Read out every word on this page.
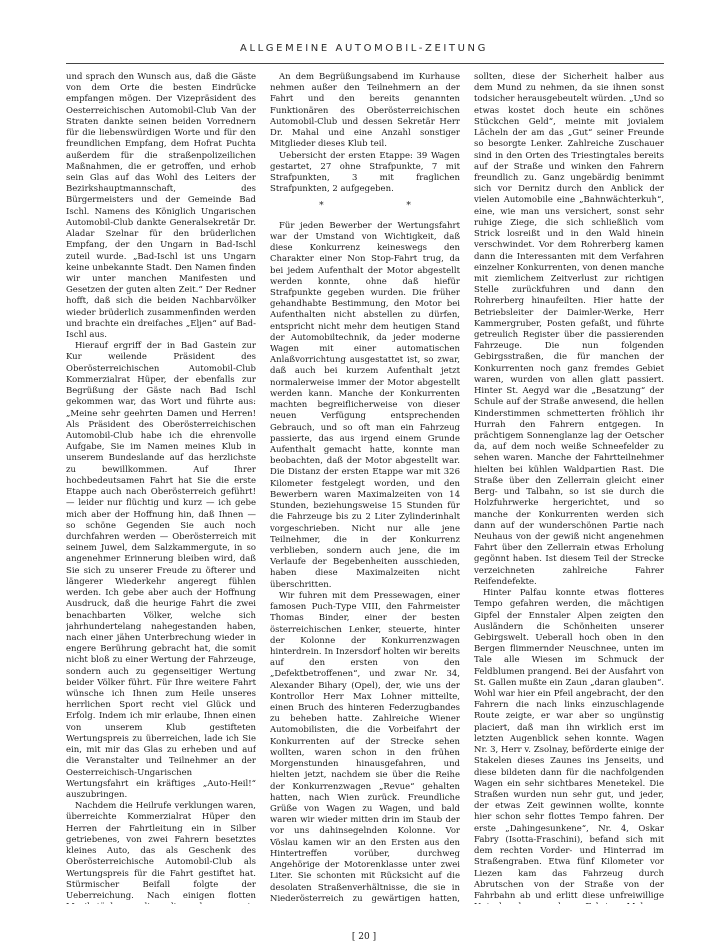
ALLGEMEINE AUTOMOBIL-ZEITUNG

und sprach den Wunsch aus, daß die Gäste von dem Orte die besten Eindrücke empfangen mögen. Der Vizepräsident des Oesterreichischen Automobil-Club Van der Straten dankte seinen beiden Vorrednern für die liebenswürdigen Worte und für den freundlichen Empfang, dem Hofrat Puchta außerdem für die straßenpolizeilichen Maßnahmen, die er getroffen, und erhob sein Glas auf das Wohl des Leiters der Bezirkshauptmannschaft, des Bürgermeisters und der Gemeinde Bad Ischl. Namens des Königlich Ungarischen Automobil-Club dankte Generalsekretär Dr. Aladar Szelnar für den brüderlichen Empfang, der den Ungarn in Bad-Ischl zuteil wurde. „Bad-Ischl ist uns Ungarn keine unbekannte Stadt. Den Namen finden wir unter manchen Manifesten und Gesetzen der guten alten Zeit.“ Der Redner hofft, daß sich die beiden Nachbarvölker wieder brüderlich zusammenfinden werden und brachte ein dreifaches „Eljen“ auf Bad-Ischl aus.

Hierauf ergriff der in Bad Gastein zur Kur weilende Präsident des Oberösterreichischen Automobil-Club Kommerzialrat Hüper, der ebenfalls zur Begrüßung der Gäste nach Bad Ischl gekommen war, das Wort und führte aus: „Meine sehr geehrten Damen und Herren! Als Präsident des Oberösterreichischen Automobil-Club habe ich die ehrenvolle Aufgabe, Sie im Namen meines Klub in unserem Bundeslande auf das herzlichste zu bewillkommen. Auf Ihrer hochbedeutsamen Fahrt hat Sie die erste Etappe auch nach Oberösterreich geführt! — leider nur flüchtig und kurz — ich gebe mich aber der Hoffnung hin, daß Ihnen — so schöne Gegenden Sie auch noch durchfahren werden — Oberösterreich mit seinem Juwel, dem Salzkammergute, in so angenehmer Erinnerung bleiben wird, daß Sie sich zu unserer Freude zu öfterer und längerer Wiederkehr angeregt fühlen werden. Ich gebe aber auch der Hoffnung Ausdruck, daß die heurige Fahrt die zwei benachbarten Völker, welche sich jahrhundertelang nahegestanden haben, nach einer jähen Unterbrechung wieder in engere Berührung gebracht hat, die somit nicht bloß zu einer Wertung der Fahrzeuge, sondern auch zu gegenseitiger Wertung beider Völker führt. Für Ihre weitere Fahrt wünsche ich Ihnen zum Heile unseres herrlichen Sport recht viel Glück und Erfolg. Indem ich mir erlaube, Ihnen einen von unserem Klub gestifteten Wertungspreis zu überreichen, lade ich Sie ein, mit mir das Glas zu erheben und auf die Veranstalter und Teilnehmer an der Oesterreichisch-Ungarischen Wertungsfahrt ein kräftiges „Auto-Heil!“ auszubringen.

Nachdem die Heilrufe verklungen waren, überreichte Kommerzialrat Hüper den Herren der Fahrtleitung ein in Silber getriebenes, von zwei Fahrern besetztes kleines Auto, das als Geschenk des Oberösterreichische Automobil-Club als Wertungspreis für die Fahrt gestiftet hat. Stürmischer Beifall folgte der Ueberreichung. Nach einigen flotten

An dem Begrüßungsabend im Kurhause nehmen außer den Teilnehmern an der Fahrt und den bereits genannten Funktionären des Oberösterreichischen Automobil-Club und dessen Sekretär Herr Dr. Mahal und eine Anzahl sonstiger Mitglieder dieses Klub teil.

Uebersicht der ersten Etappe: 39 Wagen gestartet, 27 ohne Strafpunkte, 7 mit Strafpunkten, 3 mit fraglichen Strafpunkten, 2 aufgegeben.

* *

Für jeden Bewerber der Wertungsfahrt war der Umstand von Wichtigkeit, daß diese Konkurrenz keineswegs den Charakter einer Non Stop-Fahrt trug, da bei jedem Aufenthalt der Motor abgestellt werden konnte, ohne daß hiefür Strafpunkte gegeben wurden. Die früher gehandhabte Bestimmung, den Motor bei Aufenthalten nicht abstellen zu dürfen, entspricht nicht mehr dem heutigen Stand der Automobiltechnik, da jeder moderne Wagen mit einer automatischen Anlaßvorrichtung ausgestattet ist, so zwar, daß auch bei kurzem Aufenthalt jetzt normalerweise immer der Motor abgestellt werden kann. Manche der Konkurrenten machten begreiflicherweise von dieser neuen Verfügung entsprechenden Gebrauch, und so oft man ein Fahrzeug passierte, das aus irgend einem Grunde Aufenthalt gemacht hatte, konnte man beobachten, daß der Motor abgestellt war. Die Distanz der ersten Etappe war mit 326 Kilometer festgelegt worden, und den Bewerbern waren Maximalzeiten von 14 Stunden, beziehungsweise 15 Stunden für die Fahrzeuge bis zu 2 Liter Zylinderinhalt vorgeschrieben. Nicht nur alle jene Teilnehmer, die in der Konkurrenz verblieben, sondern auch jene, die im Verlaufe der Begebenheiten ausschieden, haben diese Maximalzeiten nicht überschritten.

Wir fuhren mit dem Pressewagen, einer famosen Puch-Type VIII, den Fahrmeister Thomas Binder, einer der besten österreichischen Lenker, steuerte, hinter der Kolonne der Konkurrenzwagen hinterdrein. In Inzersdorf holten wir bereits auf den ersten von den „Defektbetroffenen“, und zwar Nr. 34, Alexander Bihary (Opel), der, wie uns der Kontrollor Herr Max Lohner mitteilte, einen Bruch des hinteren Federzugbandes zu beheben hatte. Zahlreiche Wiener Automobilisten, die die Vorbeifahrt der Konkurrenten auf der Strecke sehen wollten, waren schon in den frühen Morgenstunden hinausgefahren, und hielten jetzt, nachdem sie über die Reihe der Konkurrenzwagen „Revue“ gehalten hatten, nach Wien zurück. Freundliche Grüße von Wagen zu Wagen, und bald waren wir wieder mitten drin im Staub der vor uns dahinsegelnden Kolonne. Vor Vöslau kamen wir an den Ersten aus den Hintertreffen vorüber, durchweg Angehörige der Motorenklasse unter zwei Liter. Sie schonten mit Rücksicht auf die desolaten Straßenverhältnisse, die sie in Niederösterreich zu gewärtigen hatten,

sollten, diese der Sicherheit halber aus dem Mund zu nehmen, da sie ihnen sonst todsicher herausgebeutelt würden. „Und so etwas kostet doch heute ein schönes Stückchen Geld“, meinte mit jovialem Lächeln der am das „Gut“ seiner Freunde so besorgte Lenker. Zahlreiche Zuschauer sind in den Orten des Triestingtales bereits auf der Straße und winken den Fahrern freundlich zu. Ganz ungebärdig benimmt sich vor Dernitz durch den Anblick der vielen Automobile eine „Bahnwächterkuh“, eine, wie man uns versichert, sonst sehr ruhige Ziege, die sich schließlich vom Strick losreißt und in den Wald hinein verschwindet. Vor dem Rohrerberg kamen dann die Interessanten mit dem Verfahren einzelner Konkurrenten, von denen manche mit ziemlichem Zeitverlust zur richtigen Stelle zurückfuhren und dann den Rohrerberg hinaufeilten. Hier hatte der Betriebsleiter der Daimler-Werke, Herr Kammergruber, Posten gefaßt, und führte getreulich Register über die passierenden Fahrzeuge. Die nun folgenden Gebirgsstraßen, die für manchen der Konkurrenten noch ganz fremdes Gebiet waren, wurden von allen glatt passiert. Hinter St. Aegyd war die „Besatzung“ der Schule auf der Straße anwesend, die hellen Kinderstimmen schmetterten fröhlich ihr Hurrah den Fahrern entgegen. In prächtigem Sonnenglanze lag der Oetscher da, auf dem noch weiße Schneefelder zu sehen waren. Manche der Fahrtteilnehmer hielten bei kühlen Waldpartien Rast. Die Straße über den Zellerrain gleicht einer Berg- und Talbahn, so ist sie durch die Holzfuhrwerke hergerichtet, und so manche der Konkurrenten werden sich dann auf der wunderschönen Partie nach Neuhaus von der gewiß nicht angenehmen Fahrt über den Zellerrain etwas Erholung gegönnt haben. Ist diesem Teil der Strecke verzeichneten zahlreiche Fahrer Reifendefekte.

Hinter Palfau konnte etwas flotteres Tempo gefahren werden, die mächtigen Gipfel der Ennstaler Alpen zeigten den Ausländern die Schönheiten unserer Gebirgswelt. Ueberall hoch oben in den Bergen flimmernder Neuschnee, unten im Tale alle Wiesen im Schmuck der Feldblumen prangend. Bei der Ausfahrt von St. Gallen mußte ein Zaun „daran glauben“. Wohl war hier ein Pfeil angebracht, der den Fahrern die nach links einzuschlagende Route zeigte, er war aber so ungünstig placiert, daß man ihn wirklich erst im letzten Augenblick sehen konnte. Wagen Nr. 3, Herr v. Zsolnay, beförderte einige der Stakelen dieses Zaunes ins Jenseits, und diese bildeten dann für die nachfolgenden Wagen ein sehr sichtbares Menetekel. Die Straßen wurden nun sehr gut, und jeder, der etwas Zeit gewinnen wollte, konnte hier schon sehr flottes Tempo fahren. Der erste „Dahingesunkene“, Nr. 4, Oskar Fabry (Isotta-Fraschini), befand sich mit dem rechten Vorder- und Hinterrad im Straßengraben. Etwa fünf Kilometer vor Liezen kam das Fahrzeug durch Abrutschen von der Straße von der Fahrbahn ab und erlitt diese unfreiwillige

[ 20 ]
